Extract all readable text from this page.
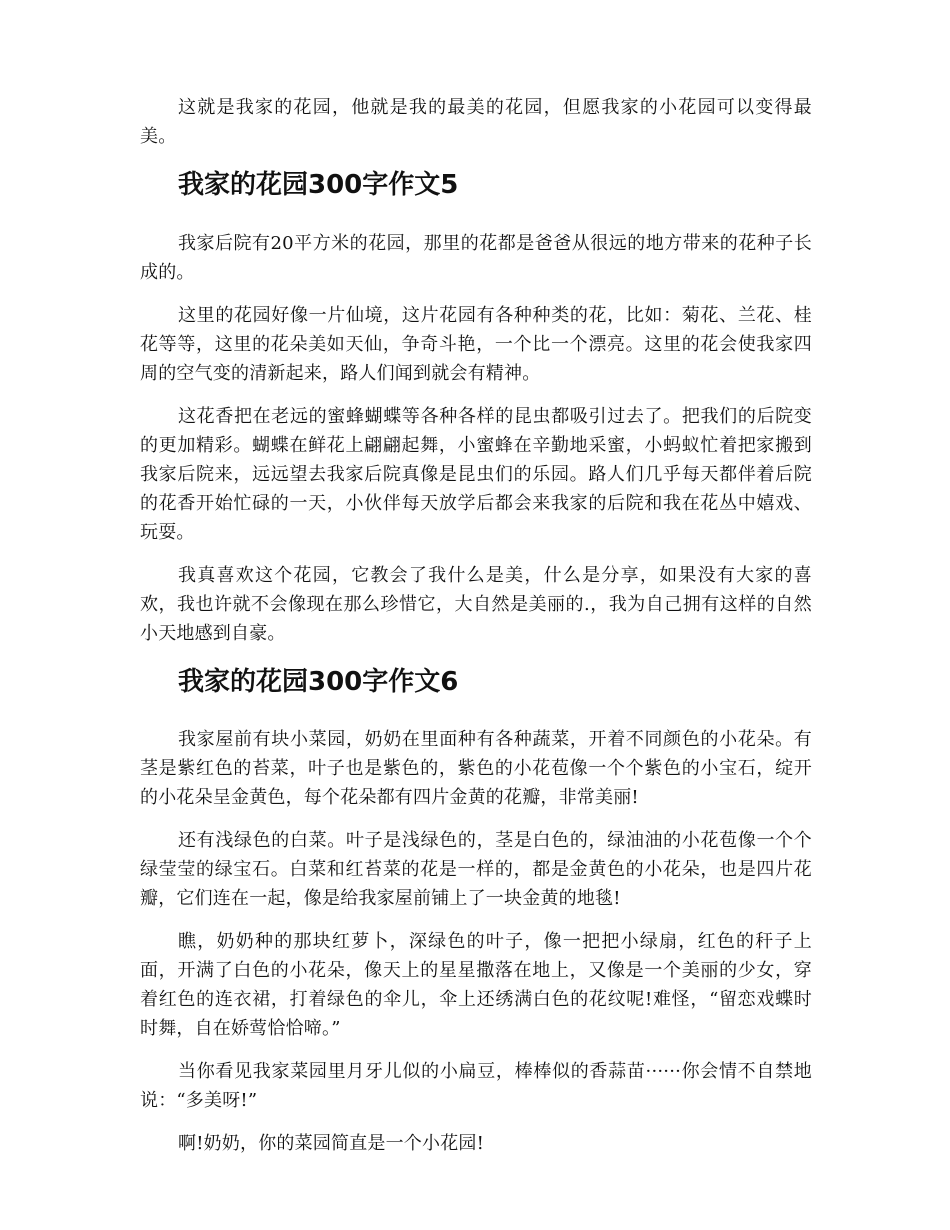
这就是我家的花园，他就是我的最美的花园，但愿我家的小花园可以变得最美。

我家的花园300字作文5

我家后院有20平方米的花园，那里的花都是爸爸从很远的地方带来的花种子长成的。

这里的花园好像一片仙境，这片花园有各种种类的花，比如：菊花、兰花、桂花等等，这里的花朵美如天仙，争奇斗艳，一个比一个漂亮。这里的花会使我家四周的空气变的清新起来，路人们闻到就会有精神。

这花香把在老远的蜜蜂蝴蝶等各种各样的昆虫都吸引过去了。把我们的后院变的更加精彩。蝴蝶在鲜花上翩翩起舞，小蜜蜂在辛勤地采蜜，小蚂蚁忙着把家搬到我家后院来，远远望去我家后院真像是昆虫们的乐园。路人们几乎每天都伴着后院的花香开始忙碌的一天，小伙伴每天放学后都会来我家的后院和我在花丛中嬉戏、玩耍。

我真喜欢这个花园，它教会了我什么是美，什么是分享，如果没有大家的喜欢，我也许就不会像现在那么珍惜它，大自然是美丽的.，我为自己拥有这样的自然小天地感到自豪。

我家的花园300字作文6

我家屋前有块小菜园，奶奶在里面种有各种蔬菜，开着不同颜色的小花朵。有茎是紫红色的苔菜，叶子也是紫色的，紫色的小花苞像一个个紫色的小宝石，绽开的小花朵呈金黄色，每个花朵都有四片金黄的花瓣，非常美丽!

还有浅绿色的白菜。叶子是浅绿色的，茎是白色的，绿油油的小花苞像一个个绿莹莹的绿宝石。白菜和红苔菜的花是一样的，都是金黄色的小花朵，也是四片花瓣，它们连在一起，像是给我家屋前铺上了一块金黄的地毯!

瞧，奶奶种的那块红萝卜，深绿色的叶子，像一把把小绿扇，红色的秆子上面，开满了白色的小花朵，像天上的星星撒落在地上，又像是一个美丽的少女，穿着红色的连衣裙，打着绿色的伞儿，伞上还绣满白色的花纹呢!难怪，“留恋戏蝶时时舞，自在娇莺恰恰啼。”

当你看见我家菜园里月牙儿似的小扁豆，棒棒似的香蒜苗······你会情不自禁地说：“多美呀!”

啊!奶奶，你的菜园简直是一个小花园!
